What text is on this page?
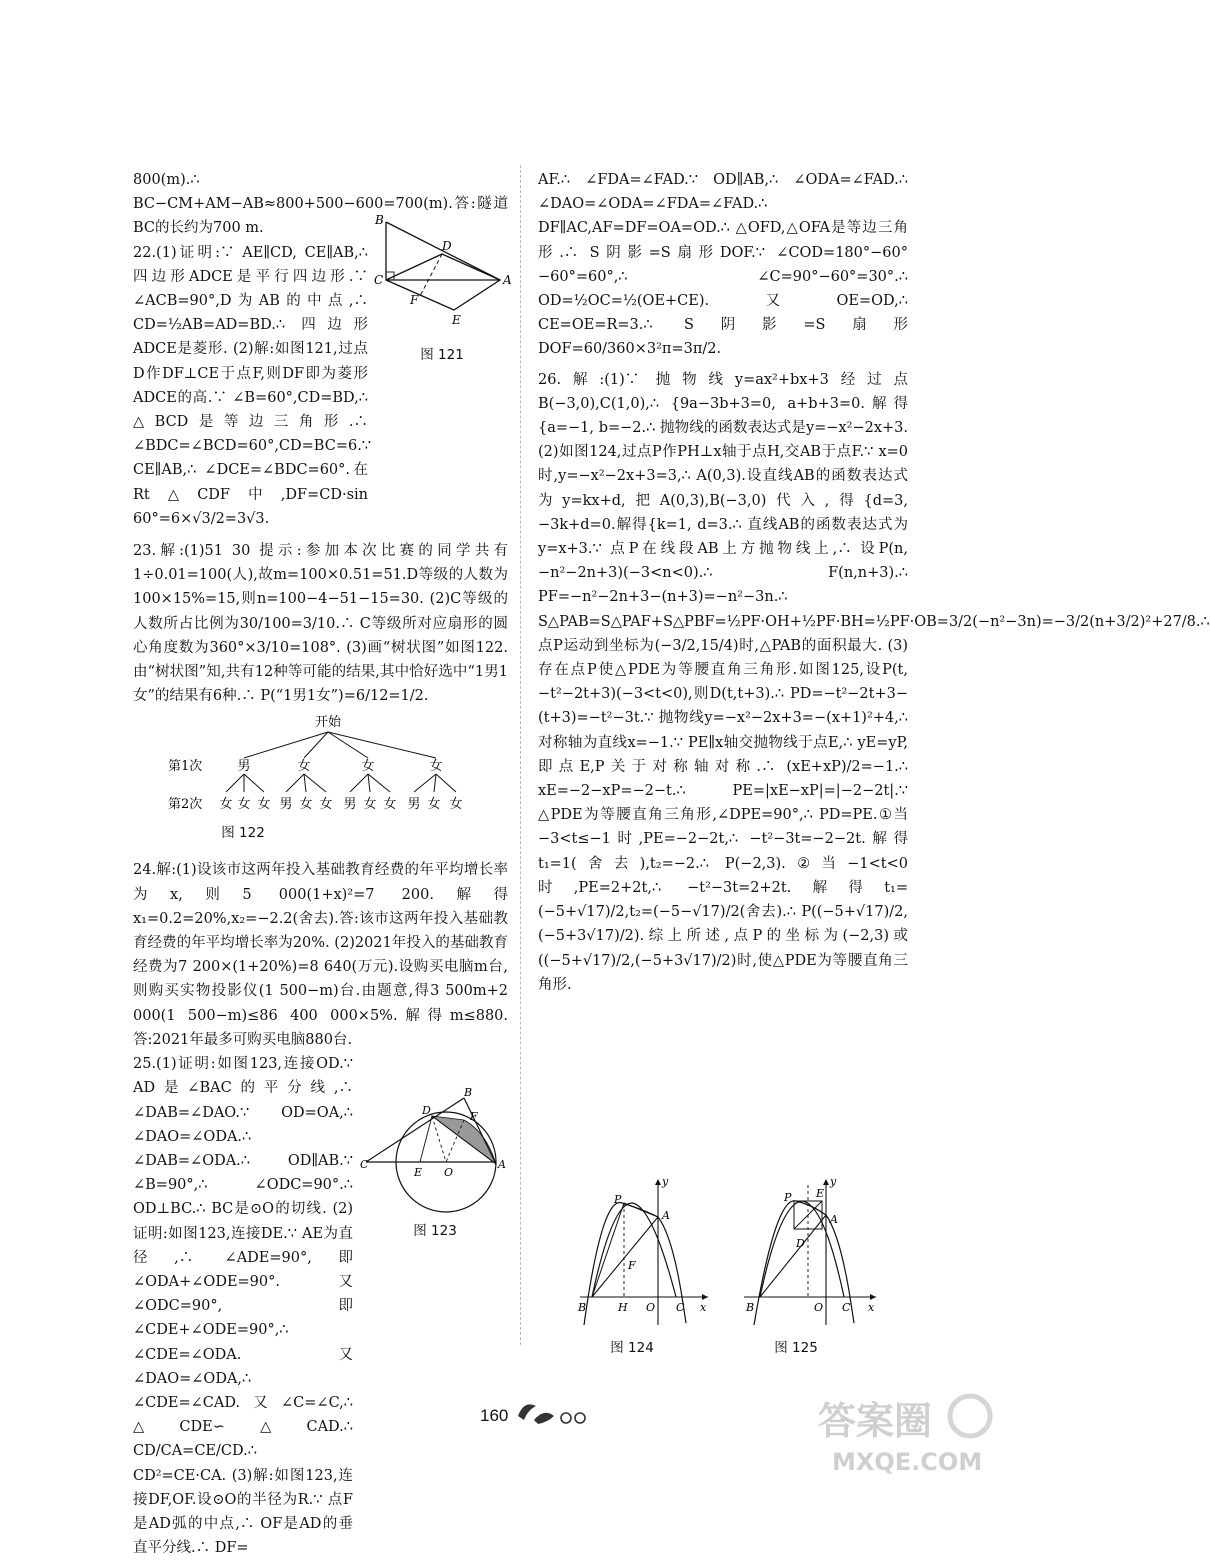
800(m).∴ BC−CM+AM−AB≈800+500−600=700(m).答:隧道BC的长约为700 m.

22.(1)证明:∵ AE∥CD, CE∥AB,∴ 四边形ADCE是平行四边形.∵ ∠ACB=90°,D为AB的中点,∴ CD=½AB=AD=BD.∴ 四边形ADCE是菱形. (2)解:如图121,过点D作DF⊥CE于点F,则DF即为菱形ADCE的高.∵ ∠B=60°,CD=BD,∴ △BCD是等边三角形.∴ ∠BDC=∠BCD=60°,CD=BC=6.∵ CE∥AB,∴ ∠DCE=∠BDC=60°.在Rt△CDF中,DF=CD·sin 60°=6×√3/2=3√3.

23.解:(1)51 30 提示:参加本次比赛的同学共有1÷0.01=100(人),故m=100×0.51=51.D等级的人数为100×15%=15,则n=100−4−51−15=30. (2)C等级的人数所占比例为30/100=3/10.∴ C等级所对应扇形的圆心角度数为360°×3/10=108°. (3)画“树状图”如图122.由“树状图”知,共有12种等可能的结果,其中恰好选中“1男1女”的结果有6种.∴ P(“1男1女”)=6/12=1/2.

24.解:(1)设该市这两年投入基础教育经费的年平均增长率为x,则5 000(1+x)²=7 200.解得x₁=0.2=20%,x₂=−2.2(舍去).答:该市这两年投入基础教育经费的年平均增长率为20%. (2)2021年投入的基础教育经费为7 200×(1+20%)=8 640(万元).设购买电脑m台,则购买实物投影仪(1 500−m)台.由题意,得3 500m+2 000(1 500−m)≤86 400 000×5%.解得m≤880.答:2021年最多可购买电脑880台.

25.(1)证明:如图123,连接OD.∵ AD是∠BAC的平分线,∴ ∠DAB=∠DAO.∵ OD=OA,∴ ∠DAO=∠ODA.∴ ∠DAB=∠ODA.∴ OD∥AB.∵ ∠B=90°,∴ ∠ODC=90°.∴ OD⊥BC.∴ BC是⊙O的切线. (2)证明:如图123,连接DE.∵ AE为直径,∴ ∠ADE=90°,即∠ODA+∠ODE=90°.又∠ODC=90°,即∠CDE+∠ODE=90°,∴ ∠CDE=∠ODA.又∠DAO=∠ODA,∴ ∠CDE=∠CAD.又∠C=∠C,∴ △CDE∽△CAD.∴ CD/CA=CE/CD.∴ CD²=CE·CA. (3)解:如图123,连接DF,OF.设⊙O的半径为R.∵ 点F是AD弧的中点,∴ OF是AD的垂直平分线.∴ DF=

AF.∴ ∠FDA=∠FAD.∵ OD∥AB,∴ ∠ODA=∠FAD.∴ ∠DAO=∠ODA=∠FDA=∠FAD.∴ DF∥AC,AF=DF=OA=OD.∴ △OFD,△OFA是等边三角形.∴ S阴影=S扇形DOF.∵ ∠COD=180°−60°−60°=60°,∴ ∠C=90°−60°=30°.∴ OD=½OC=½(OE+CE).又OE=OD,∴ CE=OE=R=3.∴ S阴影=S扇形DOF=60/360×3²π=3π/2.

26.解:(1)∵ 抛物线y=ax²+bx+3经过点B(−3,0),C(1,0),∴ {9a−3b+3=0, a+b+3=0.解得{a=−1, b=−2.∴ 抛物线的函数表达式是y=−x²−2x+3. (2)如图124,过点P作PH⊥x轴于点H,交AB于点F.∵ x=0时,y=−x²−2x+3=3,∴ A(0,3).设直线AB的函数表达式为y=kx+d,把A(0,3),B(−3,0)代入,得{d=3, −3k+d=0.解得{k=1, d=3.∴ 直线AB的函数表达式为y=x+3.∵ 点P在线段AB上方抛物线上,∴ 设P(n,−n²−2n+3)(−3<n<0).∴ F(n,n+3).∴ PF=−n²−2n+3−(n+3)=−n²−3n.∴ S△PAB=S△PAF+S△PBF=½PF·OH+½PF·BH=½PF·OB=3/2(−n²−3n)=−3/2(n+3/2)²+27/8.∴ 点P运动到坐标为(−3/2,15/4)时,△PAB的面积最大. (3)存在点P使△PDE为等腰直角三角形.如图125,设P(t,−t²−2t+3)(−3<t<0),则D(t,t+3).∴ PD=−t²−2t+3−(t+3)=−t²−3t.∵ 抛物线y=−x²−2x+3=−(x+1)²+4,∴ 对称轴为直线x=−1.∵ PE∥x轴交抛物线于点E,∴ yE=yP,即点E,P关于对称轴对称.∴ (xE+xP)/2=−1.∴ xE=−2−xP=−2−t.∴ PE=|xE−xP|=|−2−2t|.∵ △PDE为等腰直角三角形,∠DPE=90°,∴ PD=PE.①当−3<t≤−1时,PE=−2−2t,∴ −t²−3t=−2−2t.解得t₁=1(舍去),t₂=−2.∴ P(−2,3).②当−1<t<0时,PE=2+2t,∴ −t²−3t=2+2t.解得t₁=(−5+√17)/2,t₂=(−5−√17)/2(舍去).∴ P((−5+√17)/2,(−5+3√17)/2).综上所述,点P的坐标为(−2,3)或((−5+√17)/2,(−5+3√17)/2)时,使△PDE为等腰直角三角形.

B
D
C
F
A
E
图 121
开始
第1次	男	女	女	女
第2次 女 女 女 男 女 女 男 女 女 男 女 女
图 122
B
D	F
C
E O
A
图 123
y
P
A
F
B	H O C x
图 124
y
P E
A
D
B	O C x
图 125
160	答案圈
MXQE.COM
